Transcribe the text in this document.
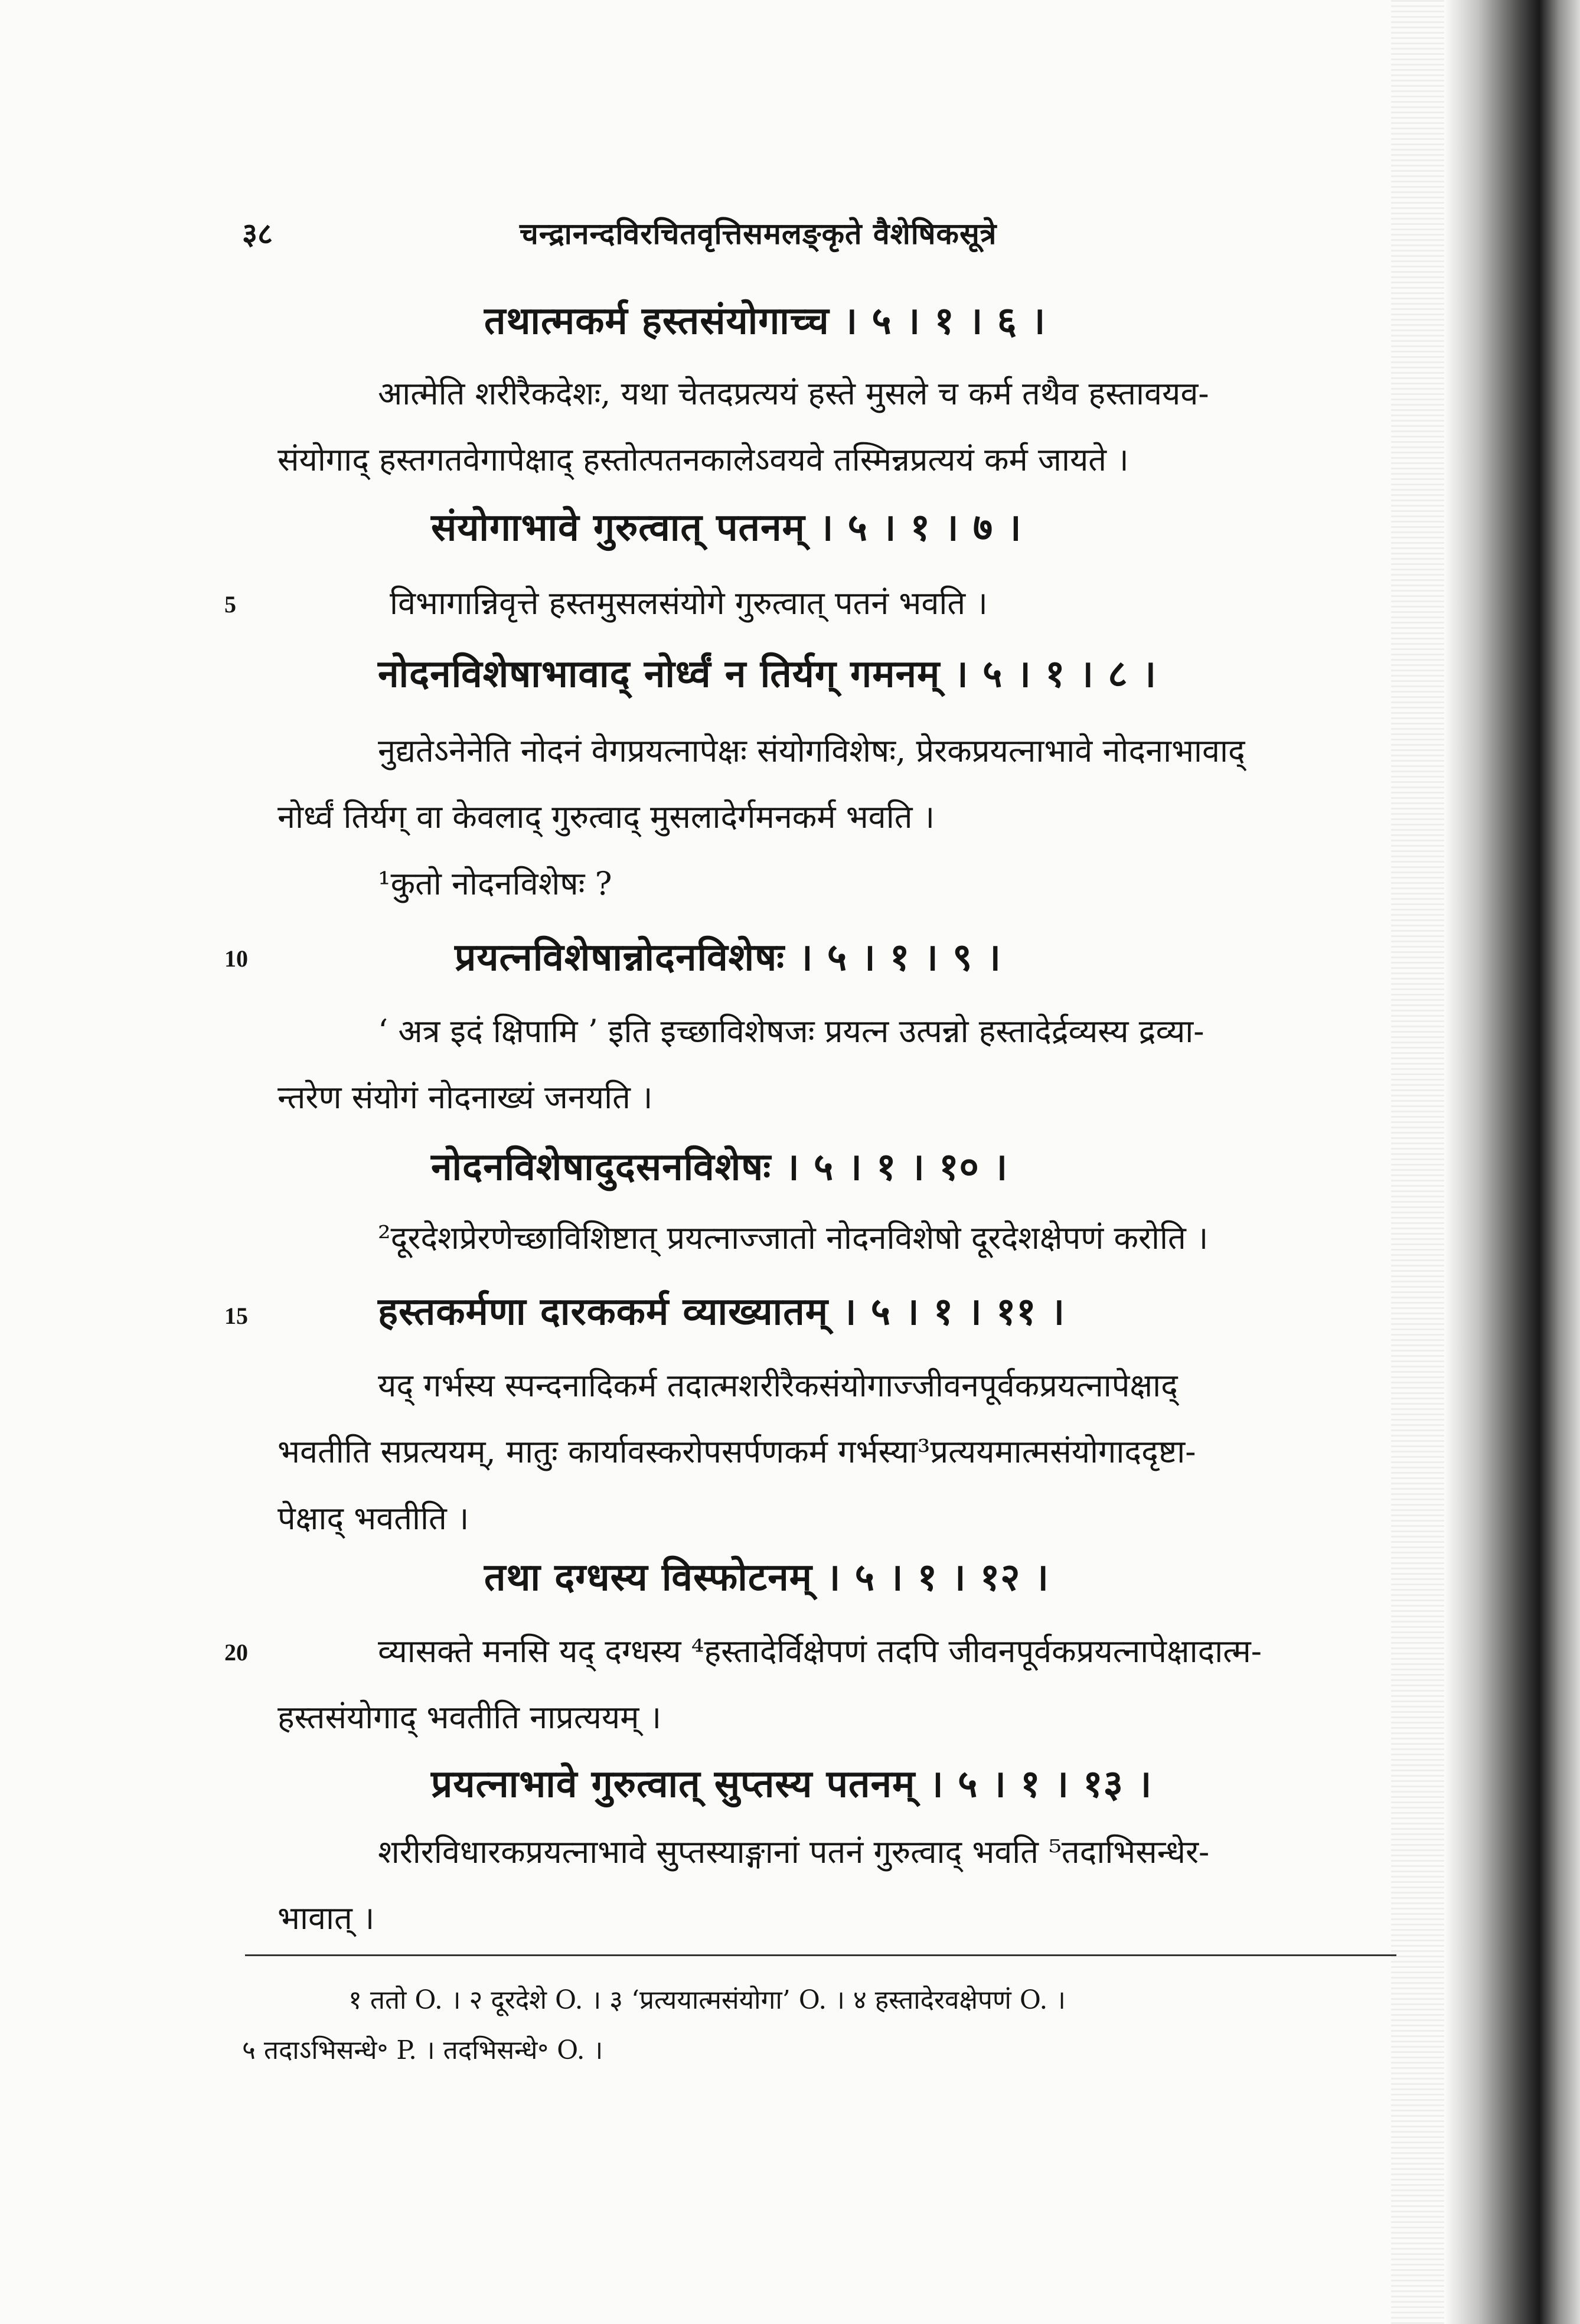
३८	चन्द्रानन्दविरचितवृत्तिसमलङ्कृते वैशेषिकसूत्रे
5
10
15
20
तथात्मकर्म हस्तसंयोगाच्च । ५ । १ । ६ ।
आत्मेति शरीरैकदेशः, यथा चेतदप्रत्ययं हस्ते मुसले च कर्म तथैव हस्तावयव-
संयोगाद् हस्तगतवेगापेक्षाद् हस्तोत्पतनकालेऽवयवे तस्मिन्नप्रत्ययं कर्म जायते ।
संयोगाभावे गुरुत्वात् पतनम् । ५ । १ । ७ ।
विभागान्निवृत्ते हस्तमुसलसंयोगे गुरुत्वात् पतनं भवति ।
नोदनविशेषाभावाद् नोर्ध्वं न तिर्यग् गमनम् । ५ । १ । ८ ।
नुद्यतेऽनेनेति नोदनं वेगप्रयत्नापेक्षः संयोगविशेषः, प्रेरकप्रयत्नाभावे नोदनाभावाद्
नोर्ध्वं तिर्यग् वा केवलाद् गुरुत्वाद् मुसलादेर्गमनकर्म भवति ।
¹कुतो नोदनविशेषः ?
प्रयत्नविशेषान्नोदनविशेषः । ५ । १ । ९ ।
‘ अत्र इदं क्षिपामि ’ इति इच्छाविशेषजः प्रयत्न उत्पन्नो हस्तादेर्द्रव्यस्य द्रव्या-
न्तरेण संयोगं नोदनाख्यं जनयति ।
नोदनविशेषादुदसनविशेषः । ५ । १ । १० ।
²दूरदेशप्रेरणेच्छाविशिष्टात् प्रयत्नाज्जातो नोदनविशेषो दूरदेशक्षेपणं करोति ।
हस्तकर्मणा दारककर्म व्याख्यातम् । ५ । १ । ११ ।
यद् गर्भस्य स्पन्दनादिकर्म तदात्मशरीरैकसंयोगाज्जीवनपूर्वकप्रयत्नापेक्षाद्
भवतीति सप्रत्ययम्, मातुः कार्यावस्करोपसर्पणकर्म गर्भस्या³प्रत्ययमात्मसंयोगाददृष्टा-
पेक्षाद् भवतीति ।
तथा दग्धस्य विस्फोटनम् । ५ । १ । १२ ।
व्यासक्ते मनसि यद् दग्धस्य ⁴हस्तादेर्विक्षेपणं तदपि जीवनपूर्वकप्रयत्नापेक्षादात्म-
हस्तसंयोगाद् भवतीति नाप्रत्ययम् ।
प्रयत्नाभावे गुरुत्वात् सुप्तस्य पतनम् । ५ । १ । १३ ।
शरीरविधारकप्रयत्नाभावे सुप्तस्याङ्गानां पतनं गुरुत्वाद् भवति ⁵तदाभिसन्धेर-
भावात् ।
१ ततो O. । २ दूरदेशे O. । ३ ‘प्रत्ययात्मसंयोगा’ O. । ४ हस्तादेरवक्षेपणं O. ।
५ तदाऽभिसन्धे॰ P. । तदभिसन्धे॰ O. ।
